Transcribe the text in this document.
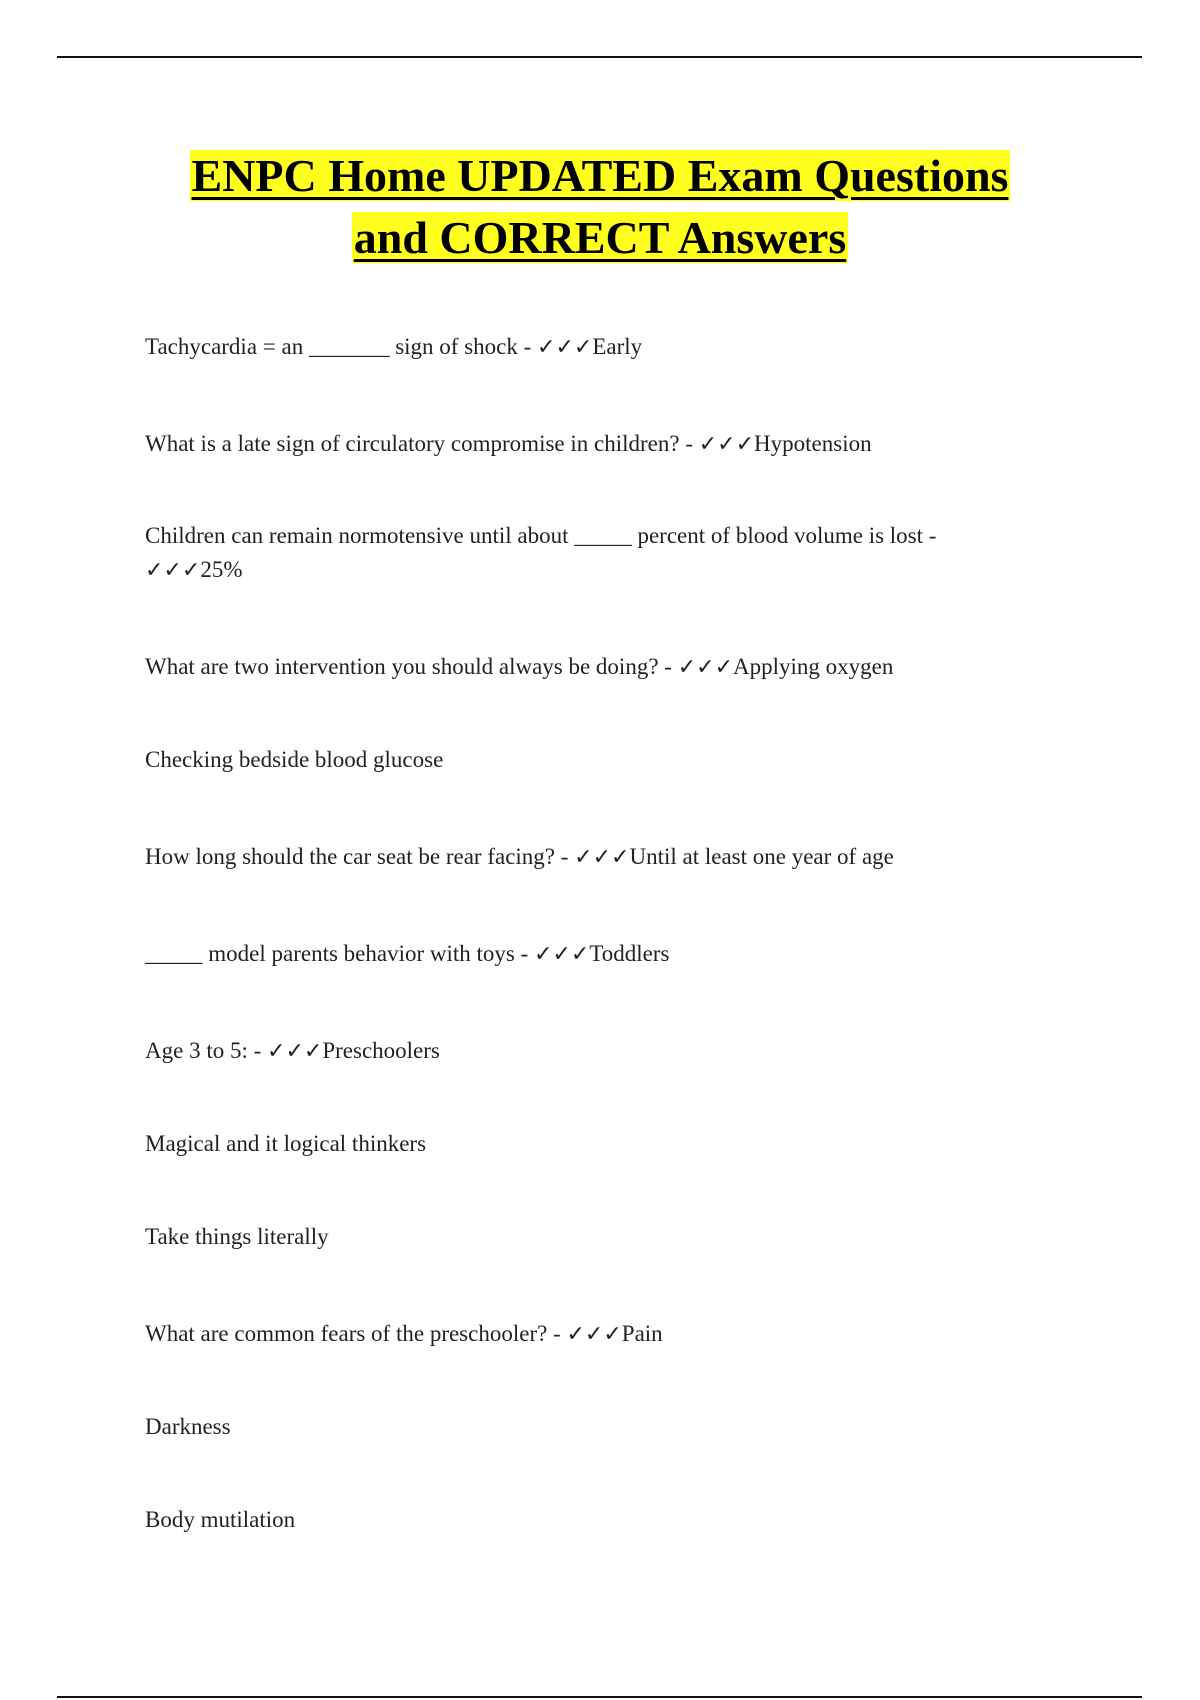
ENPC Home UPDATED Exam Questions
and CORRECT Answers
Tachycardia = an _______ sign of shock - ✓✓✓Early
What is a late sign of circulatory compromise in children? - ✓✓✓Hypotension
Children can remain normotensive until about _____ percent of blood volume is lost - ✓✓✓25%
What are two intervention you should always be doing? - ✓✓✓Applying oxygen
Checking bedside blood glucose
How long should the car seat be rear facing? - ✓✓✓Until at least one year of age
_____ model parents behavior with toys - ✓✓✓Toddlers
Age 3 to 5: - ✓✓✓Preschoolers
Magical and it logical thinkers
Take things literally
What are common fears of the preschooler? - ✓✓✓Pain
Darkness
Body mutilation
